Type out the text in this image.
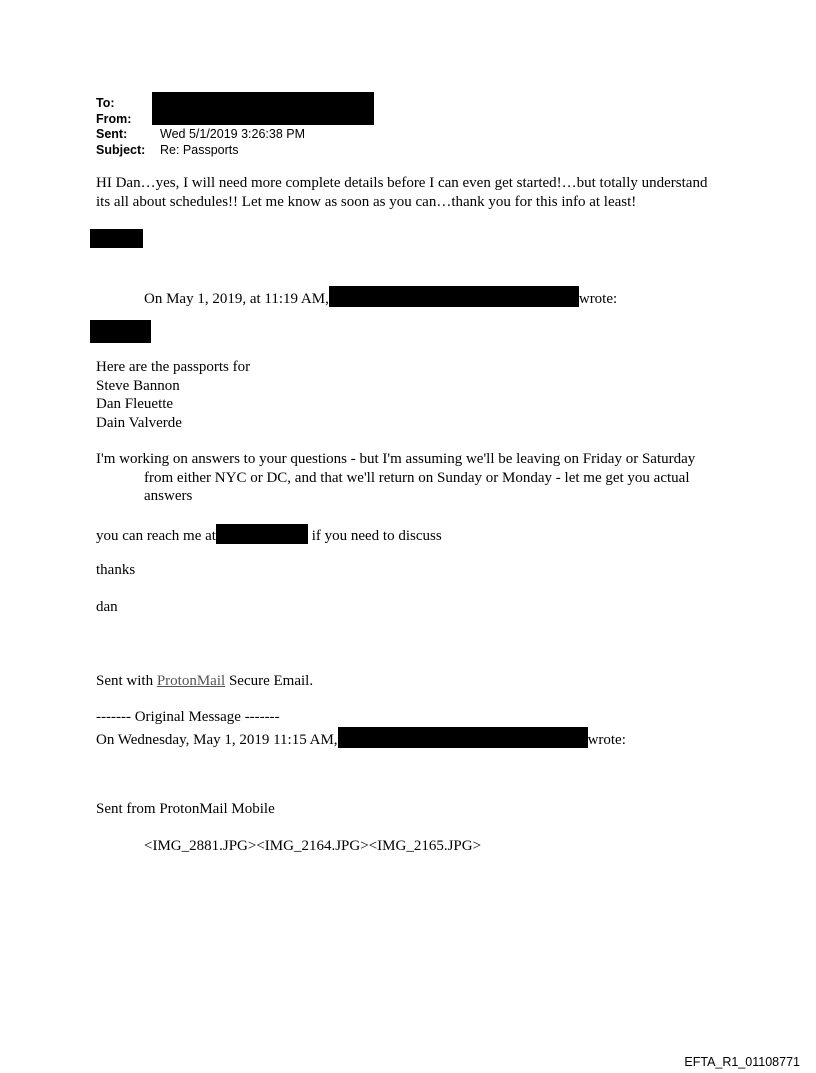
To:
From:
Sent:	Wed 5/1/2019 3:26:38 PM
Subject:	Re: Passports
HI Dan…yes, I will need more complete details before I can even get started!…but totally understand its all about schedules!! Let me know as soon as you can…thank you for this info at least!
On May 1, 2019, at 11:19 AM,	wrote:
Here are the passports for
Steve Bannon
Dan Fleuette
Dain Valverde
I'm working on answers to your questions - but I'm assuming we'll be leaving on Friday or Saturday from either NYC or DC, and that we'll return on Sunday or Monday - let me get you actual answers
you can reach me at	if you need to discuss
thanks
dan
Sent with ProtonMail Secure Email.
------- Original Message -------
On Wednesday, May 1, 2019 11:15 AM,	wrote:
Sent from ProtonMail Mobile
<IMG_2881.JPG><IMG_2164.JPG><IMG_2165.JPG>
EFTA_R1_01108771
